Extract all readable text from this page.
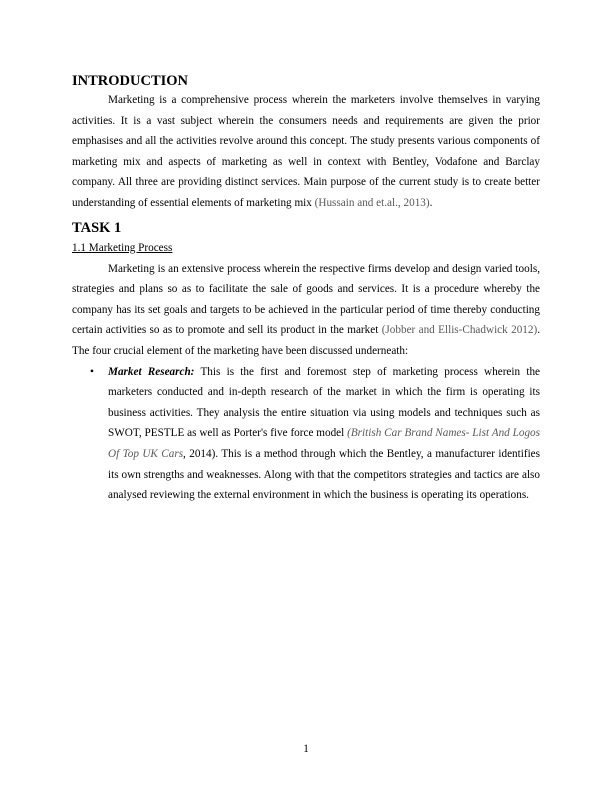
INTRODUCTION

Marketing is a comprehensive process wherein the marketers involve themselves in varying activities. It is a vast subject wherein the consumers needs and requirements are given the prior emphasises and all the activities revolve around this concept. The study presents various components of marketing mix and aspects of marketing as well in context with Bentley, Vodafone and Barclay company. All three are providing distinct services. Main purpose of the current study is to create better understanding of essential elements of marketing mix (Hussain and et.al., 2013).

TASK 1

1.1 Marketing Process

Marketing is an extensive process wherein the respective firms develop and design varied tools, strategies and plans so as to facilitate the sale of goods and services. It is a procedure whereby the company has its set goals and targets to be achieved in the particular period of time thereby conducting certain activities so as to promote and sell its product in the market (Jobber and Ellis-Chadwick 2012). The four crucial element of the marketing have been discussed underneath:

• Market Research: This is the first and foremost step of marketing process wherein the marketers conducted and in-depth research of the market in which the firm is operating its business activities. They analysis the entire situation via using models and techniques such as SWOT, PESTLE as well as Porter's five force model (British Car Brand Names- List And Logos Of Top UK Cars, 2014). This is a method through which the Bentley, a manufacturer identifies its own strengths and weaknesses. Along with that the competitors strategies and tactics are also analysed reviewing the external environment in which the business is operating its operations.
1
